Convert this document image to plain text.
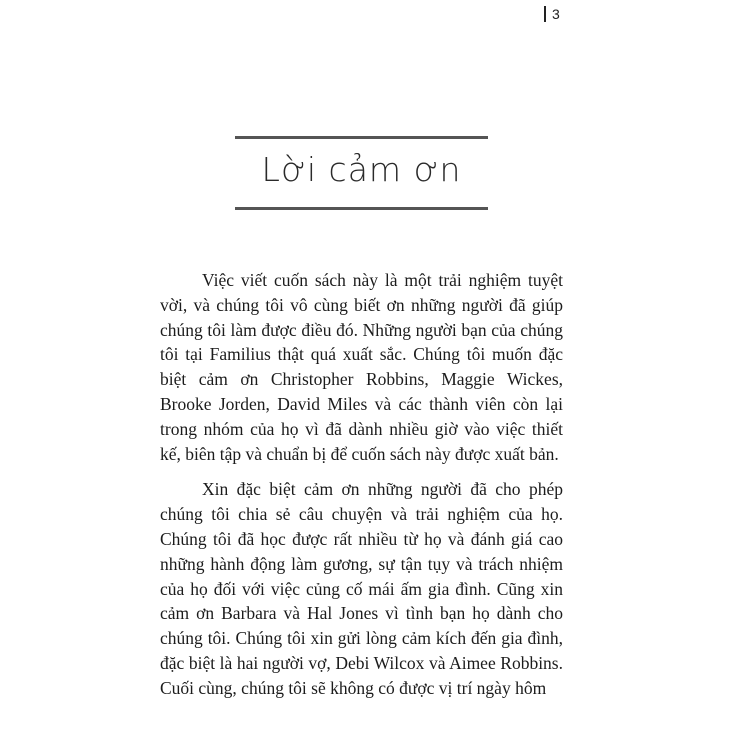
3
Lời cảm ơn

Việc viết cuốn sách này là một trải nghiệm tuyệt vời, và chúng tôi vô cùng biết ơn những người đã giúp chúng tôi làm được điều đó. Những người bạn của chúng tôi tại Familius thật quá xuất sắc. Chúng tôi muốn đặc biệt cảm ơn Christopher Robbins, Maggie Wickes, Brooke Jorden, David Miles và các thành viên còn lại trong nhóm của họ vì đã dành nhiều giờ vào việc thiết kế, biên tập và chuẩn bị để cuốn sách này được xuất bản.

Xin đặc biệt cảm ơn những người đã cho phép chúng tôi chia sẻ câu chuyện và trải nghiệm của họ. Chúng tôi đã học được rất nhiều từ họ và đánh giá cao những hành động làm gương, sự tận tụy và trách nhiệm của họ đối với việc củng cố mái ấm gia đình. Cũng xin cảm ơn Barbara và Hal Jones vì tình bạn họ dành cho chúng tôi. Chúng tôi xin gửi lòng cảm kích đến gia đình, đặc biệt là hai người vợ, Debi Wilcox và Aimee Robbins. Cuối cùng, chúng tôi sẽ không có được vị trí ngày hôm
